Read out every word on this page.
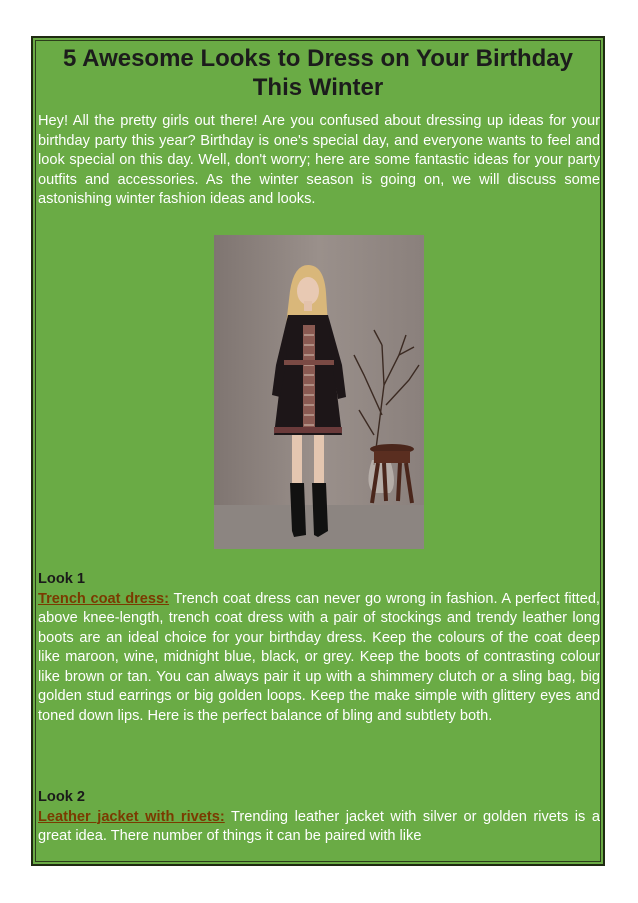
5 Awesome Looks to Dress on Your Birthday This Winter

Hey! All the pretty girls out there! Are you confused about dressing up ideas for your birthday party this year? Birthday is one's special day, and everyone wants to feel and look special on this day. Well, don't worry; here are some fantastic ideas for your party outfits and accessories. As the winter season is going on, we will discuss some astonishing winter fashion ideas and looks.

Look 1
Trench coat dress: Trench coat dress can never go wrong in fashion. A perfect fitted, above knee-length, trench coat dress with a pair of stockings and trendy leather long boots are an ideal choice for your birthday dress. Keep the colours of the coat deep like maroon, wine, midnight blue, black, or grey. Keep the boots of contrasting colour like brown or tan. You can always pair it up with a shimmery clutch or a sling bag, big golden stud earrings or big golden loops. Keep the make simple with glittery eyes and toned down lips. Here is the perfect balance of bling and subtlety both.
Look 2
Leather jacket with rivets: Trending leather jacket with silver or golden rivets is a great idea. There number of things it can be paired with like
